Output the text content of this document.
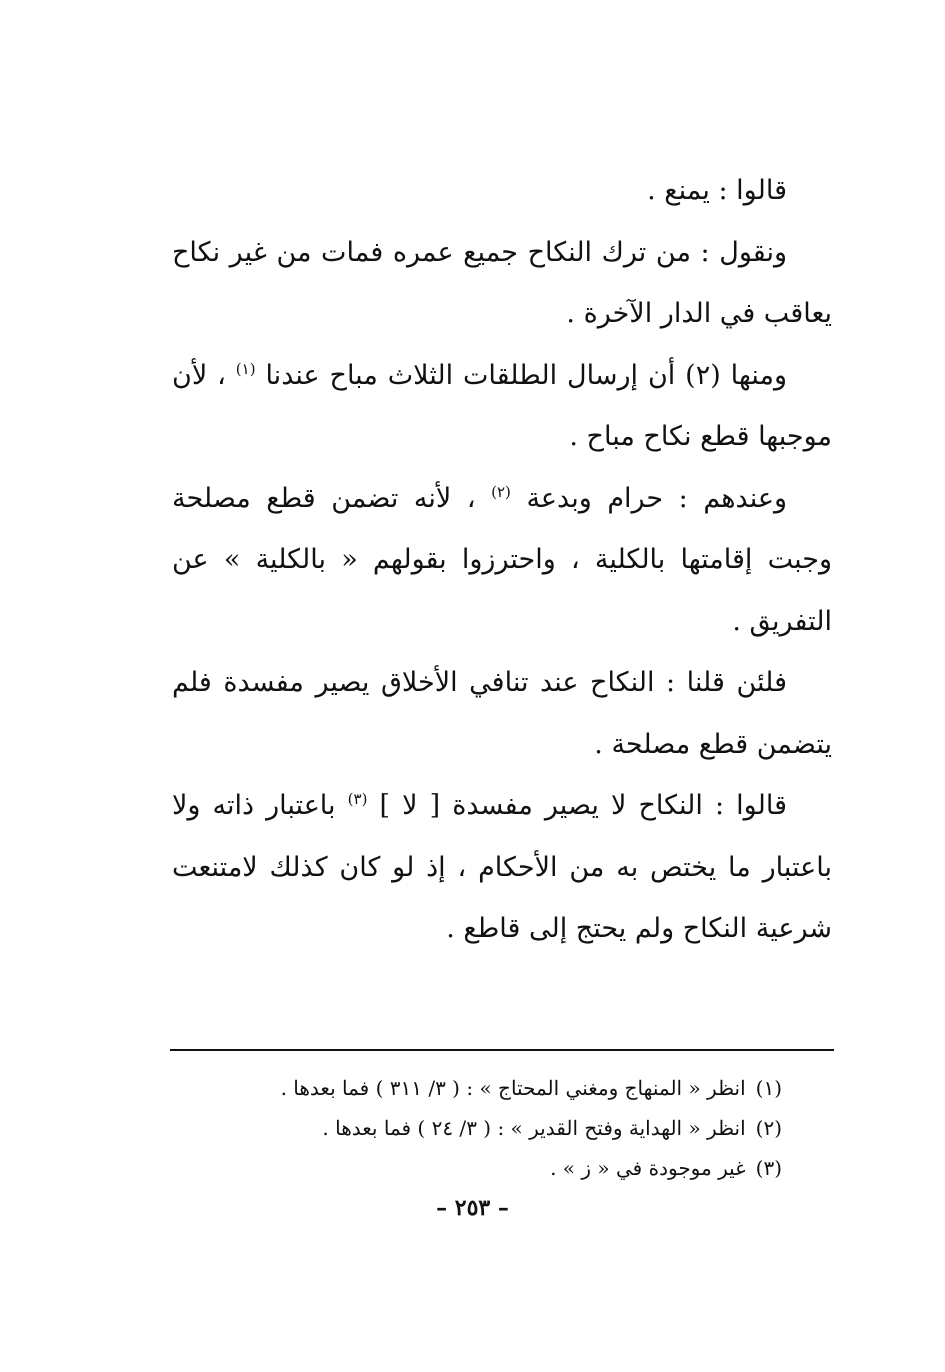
قالوا : يمنع .

ونقول : من ترك النكاح جميع عمره فمات من غير نكاح يعاقب في الدار الآخرة .

ومنها (٢) أن إرسال الطلقات الثلاث مباح عندنا $^{(١)}$ ، لأن موجبها قطع نكاح مباح .

وعندهم : حرام وبدعة $^{(٢)}$ ، لأنه تضمن قطع مصلحة وجبت إقامتها بالكلية ، واحترزوا بقولهم « بالكلية » عن التفريق .

فلئن قلنا : النكاح عند تنافي الأخلاق يصير مفسدة فلم يتضمن قطع مصلحة .

قالوا : النكاح لا يصير مفسدة [ لا ] $^{(٣)}$ باعتبار ذاته ولا باعتبار ما يختص به من الأحكام ، إذ لو كان كذلك لامتنعت شرعية النكاح ولم يحتج إلى قاطع .

(١)انظر « المنهاج ومغني المحتاج » : ( ٣/ ٣١١ ) فما بعدها .
(٢)انظر « الهداية وفتح القدير » : ( ٣/ ٢٤ ) فما بعدها .
(٣)غير موجودة في « ز » .
– ٢٥٣ –
